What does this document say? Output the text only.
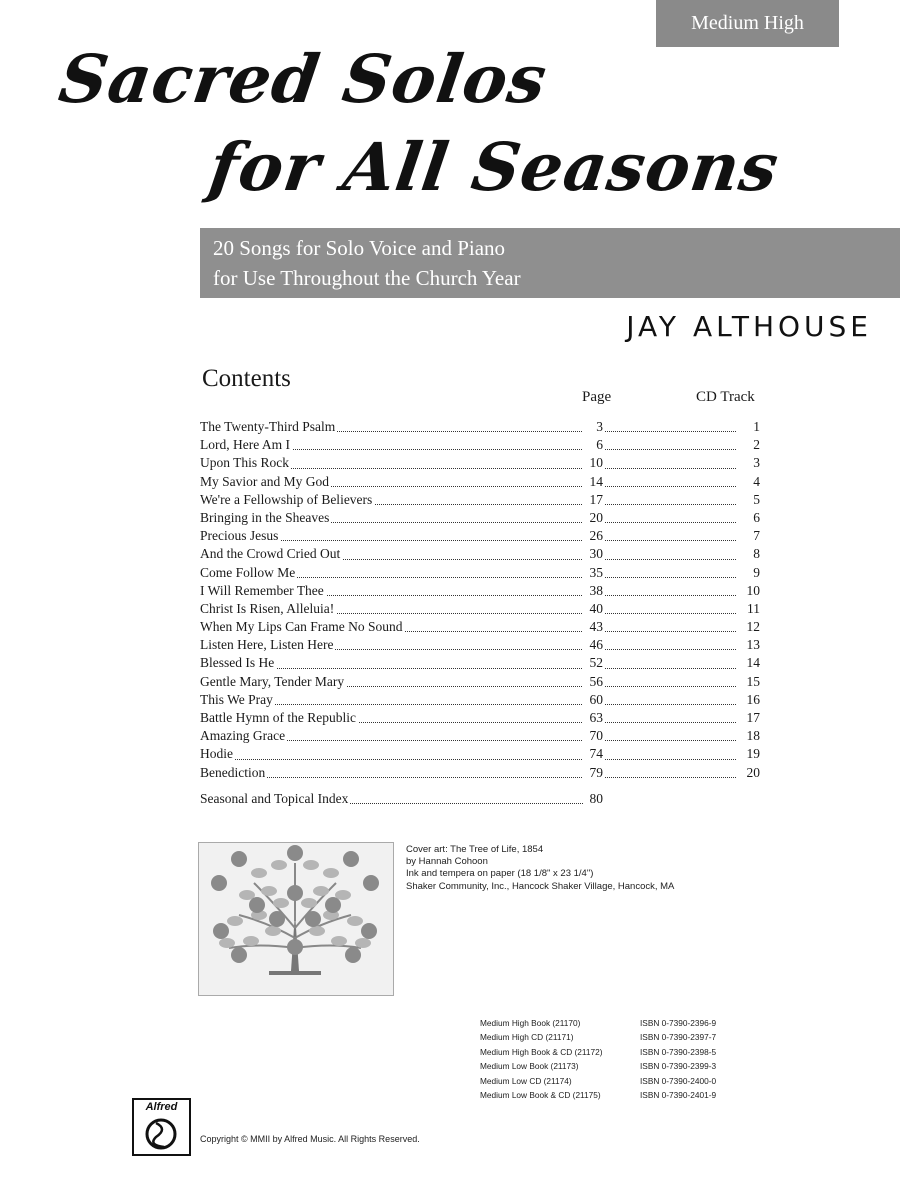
Medium High
Sacred Solos
for All Seasons
20 Songs for Solo Voice and Piano
for Use Throughout the Church Year
JAY ALTHOUSE
Contents
Page	CD Track
The Twenty-Third Psalm	3	1
Lord, Here Am I	6	2
Upon This Rock	10	3
My Savior and My God	14	4
We're a Fellowship of Believers	17	5
Bringing in the Sheaves	20	6
Precious Jesus	26	7
And the Crowd Cried Out	30	8
Come Follow Me	35	9
I Will Remember Thee	38	10
Christ Is Risen, Alleluia!	40	11
When My Lips Can Frame No Sound	43	12
Listen Here, Listen Here	46	13
Blessed Is He	52	14
Gentle Mary, Tender Mary	56	15
This We Pray	60	16
Battle Hymn of the Republic	63	17
Amazing Grace	70	18
Hodie	74	19
Benediction	79	20
Seasonal and Topical Index	80
Cover art: The Tree of Life, 1854
by Hannah Cohoon
Ink and tempera on paper (18 1/8" x 23 1/4")
Shaker Community, Inc., Hancock Shaker Village, Hancock, MA
Medium High Book (21170)	ISBN 0-7390-2396-9
Medium High CD (21171)	ISBN 0-7390-2397-7
Medium High Book & CD (21172)	ISBN 0-7390-2398-5
Medium Low Book (21173)	ISBN 0-7390-2399-3
Medium Low CD (21174)	ISBN 0-7390-2400-0
Medium Low Book & CD (21175)	ISBN 0-7390-2401-9
Alfred
Copyright © MMII by Alfred Music. All Rights Reserved.
